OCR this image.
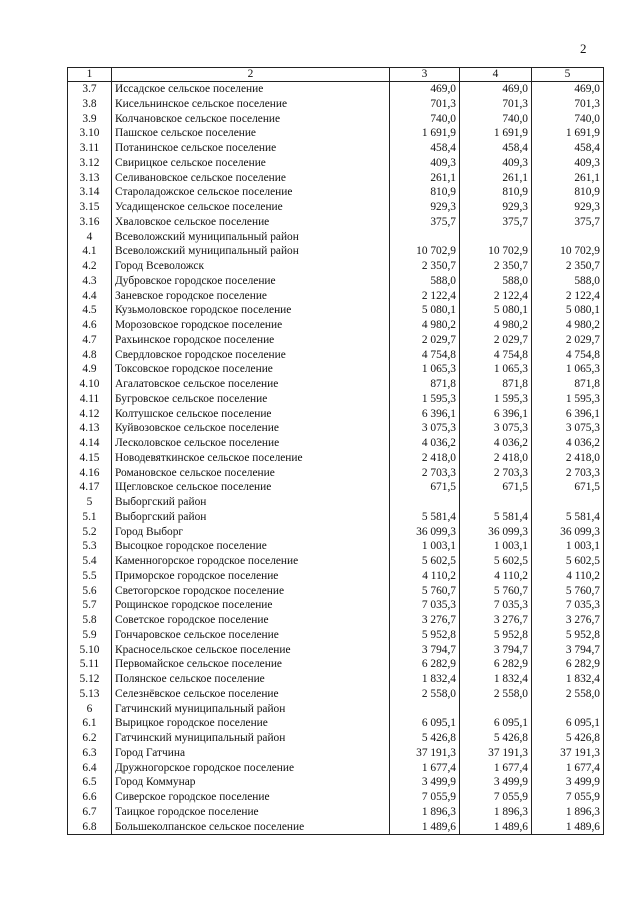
2
1	2	3	4	5
3.7	Иссадское сельское поселение	469,0	469,0	469,0
3.8	Кисельнинское сельское поселение	701,3	701,3	701,3
3.9	Колчановское сельское поселение	740,0	740,0	740,0
3.10	Пашское сельское поселение	1 691,9	1 691,9	1 691,9
3.11	Потанинское сельское поселение	458,4	458,4	458,4
3.12	Свирицкое сельское поселение	409,3	409,3	409,3
3.13	Селивановское сельское поселение	261,1	261,1	261,1
3.14	Староладожское сельское поселение	810,9	810,9	810,9
3.15	Усадищенское сельское поселение	929,3	929,3	929,3
3.16	Хваловское сельское поселение	375,7	375,7	375,7
4	Всеволожский муниципальный район			
4.1	Всеволожский муниципальный район	10 702,9	10 702,9	10 702,9
4.2	Город Всеволожск	2 350,7	2 350,7	2 350,7
4.3	Дубровское городское поселение	588,0	588,0	588,0
4.4	Заневское городское поселение	2 122,4	2 122,4	2 122,4
4.5	Кузьмоловское городское поселение	5 080,1	5 080,1	5 080,1
4.6	Морозовское городское поселение	4 980,2	4 980,2	4 980,2
4.7	Рахьинское городское поселение	2 029,7	2 029,7	2 029,7
4.8	Свердловское городское поселение	4 754,8	4 754,8	4 754,8
4.9	Токсовское городское поселение	1 065,3	1 065,3	1 065,3
4.10	Агалатовское сельское поселение	871,8	871,8	871,8
4.11	Бугровское сельское поселение	1 595,3	1 595,3	1 595,3
4.12	Колтушское сельское поселение	6 396,1	6 396,1	6 396,1
4.13	Куйвозовское сельское поселение	3 075,3	3 075,3	3 075,3
4.14	Лесколовское сельское поселение	4 036,2	4 036,2	4 036,2
4.15	Новодевяткинское сельское поселение	2 418,0	2 418,0	2 418,0
4.16	Романовское сельское поселение	2 703,3	2 703,3	2 703,3
4.17	Щегловское сельское поселение	671,5	671,5	671,5
5	Выборгский район			
5.1	Выборгский район	5 581,4	5 581,4	5 581,4
5.2	Город Выборг	36 099,3	36 099,3	36 099,3
5.3	Высоцкое городское поселение	1 003,1	1 003,1	1 003,1
5.4	Каменногорское городское поселение	5 602,5	5 602,5	5 602,5
5.5	Приморское городское поселение	4 110,2	4 110,2	4 110,2
5.6	Светогорское городское поселение	5 760,7	5 760,7	5 760,7
5.7	Рощинское городское поселение	7 035,3	7 035,3	7 035,3
5.8	Советское городское поселение	3 276,7	3 276,7	3 276,7
5.9	Гончаровское сельское поселение	5 952,8	5 952,8	5 952,8
5.10	Красносельское сельское поселение	3 794,7	3 794,7	3 794,7
5.11	Первомайское сельское поселение	6 282,9	6 282,9	6 282,9
5.12	Полянское сельское поселение	1 832,4	1 832,4	1 832,4
5.13	Селезнёвское сельское поселение	2 558,0	2 558,0	2 558,0
6	Гатчинский муниципальный район			
6.1	Вырицкое городское поселение	6 095,1	6 095,1	6 095,1
6.2	Гатчинский муниципальный район	5 426,8	5 426,8	5 426,8
6.3	Город Гатчина	37 191,3	37 191,3	37 191,3
6.4	Дружногорское городское поселение	1 677,4	1 677,4	1 677,4
6.5	Город Коммунар	3 499,9	3 499,9	3 499,9
6.6	Сиверское городское поселение	7 055,9	7 055,9	7 055,9
6.7	Таицкое городское поселение	1 896,3	1 896,3	1 896,3
6.8	Большеколпанское сельское поселение	1 489,6	1 489,6	1 489,6
